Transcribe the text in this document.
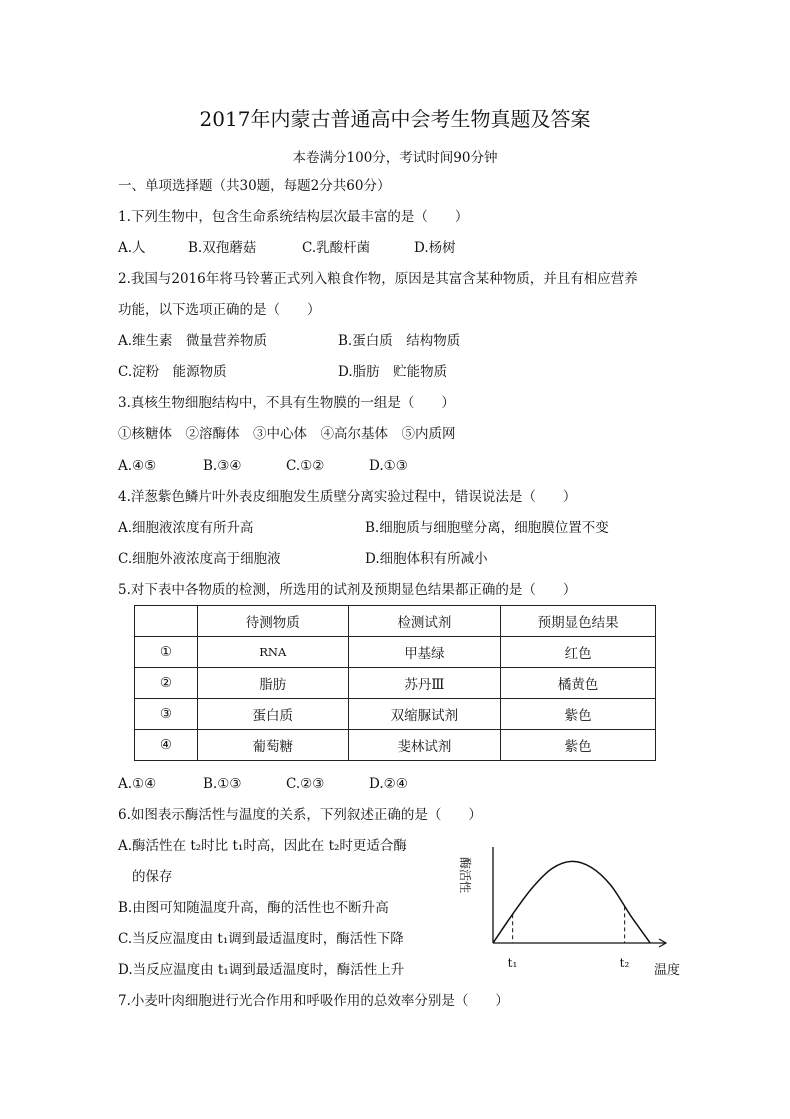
2017年内蒙古普通高中会考生物真题及答案
本卷满分100分，考试时间90分钟
一、单项选择题（共30题，每题2分共60分）
1.下列生物中，包含生命系统结构层次最丰富的是（　　）
A.人	B.双孢蘑菇	C.乳酸杆菌	D.杨树
2.我国与2016年将马铃薯正式列入粮食作物，原因是其富含某种物质，并且有相应营养
功能，以下选项正确的是（　　）
A.维生素　微量营养物质	B.蛋白质　结构物质
C.淀粉　能源物质	D.脂肪　贮能物质
3.真核生物细胞结构中，不具有生物膜的一组是（　　）
①核糖体　②溶酶体　③中心体　④高尔基体　⑤内质网
A.④⑤	B.③④	C.①②	D.①③
4.洋葱紫色鳞片叶外表皮细胞发生质壁分离实验过程中，错误说法是（　　）
A.细胞液浓度有所升高	B.细胞质与细胞壁分离，细胞膜位置不变
C.细胞外液浓度高于细胞液	D.细胞体积有所减小
5.对下表中各物质的检测，所选用的试剂及预期显色结果都正确的是（　　）
	待测物质	检测试剂	预期显色结果
①	RNA	甲基绿	红色
②	脂肪	苏丹Ⅲ	橘黄色
③	蛋白质	双缩脲试剂	紫色
④	葡萄糖	斐林试剂	紫色
A.①④	B.①③	C.②③	D.②④
6.如图表示酶活性与温度的关系，下列叙述正确的是（　　）
A.酶活性在 t₂时比 t₁时高，因此在 t₂时更适合酶
的保存
B.由图可知随温度升高，酶的活性也不断升高
C.当反应温度由 t₁调到最适温度时，酶活性下降
D.当反应温度由 t₁调到最适温度时，酶活性上升
酶活性
t₁	t₂ 温度
7.小麦叶肉细胞进行光合作用和呼吸作用的总效率分别是（　　）
